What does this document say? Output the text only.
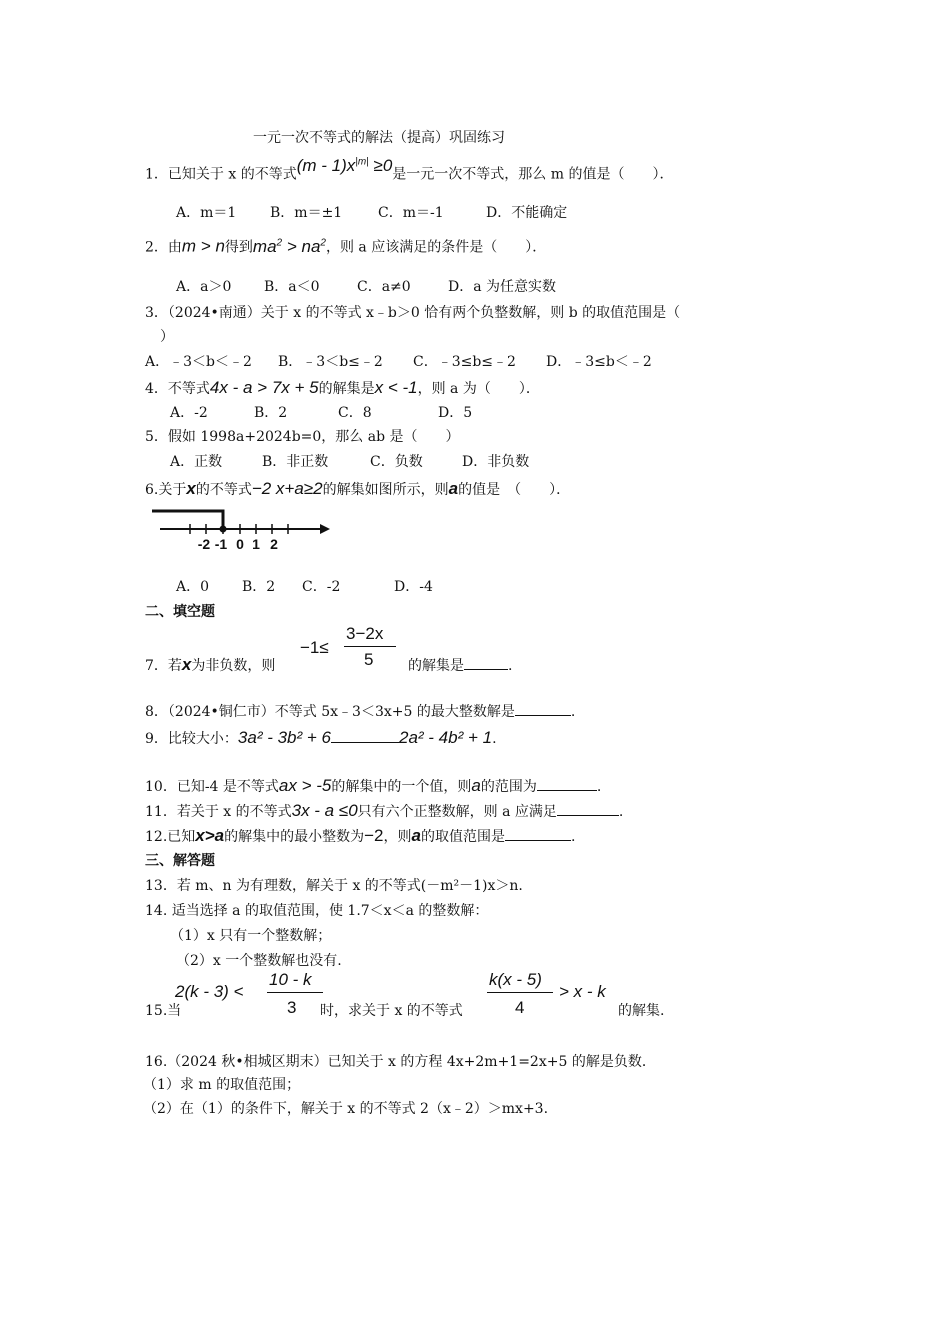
一元一次不等式的解法（提高）巩固练习
1．已知关于 x 的不等式$(m - 1)x^{|m|} \ge 0$是一元一次不等式，那么 m 的值是（　　）．
A．m＝1 B．m＝±1	C．m＝-1	D．不能确定
2．由m > n得到$ma^2 > na^2$，则 a 应该满足的条件是（　　）．
A．a＞0 B．a＜0	C．a≠0	D．a 为任意实数
3．（2024•南通）关于 x 的不等式 x﹣b＞0 恰有两个负整数解，则 b 的取值范围是（
）
A．﹣3＜b＜﹣2 B．﹣3＜b≤﹣2 C．﹣3≤b≤﹣2 D．﹣3≤b＜﹣2
4．不等式4x - a > 7x + 5的解集是x < -1，则 a 为（　　）．
A．-2	B．2	C．8	D．5
5．假如 1998a+2024b=0，那么 ab 是（　　）
A．正数	B．非正数	C．负数	D．非负数
6.关于x的不等式−2 x+a≥2的解集如图所示，则a的值是　（　　）．
-2 -1 0 1 2
A．0 B．2 C．-2	D．-4
二、填空题
7．若x为非负数，则
−1≤
3−2x
5 的解集是	.
8．（2024•铜仁市）不等式 5x﹣3＜3x+5 的最大整数解是	.
9．比较大小：3a² - 3b² + 6	2a² - 4b² + 1.
10．已知-4 是不等式ax > -5的解集中的一个值，则a的范围为	.
11．若关于 x 的不等式3x - a ≤0只有六个正整数解，则 a 应满足	.
12.已知x>a的解集中的最小整数为−2，则a的取值范围是	.
三、解答题
13．若 m、n 为有理数，解关于 x 的不等式(－m²－1)x＞n.
14. 适当选择 a 的取值范围，使 1.7＜x＜a 的整数解：
（1）x 只有一个整数解；
（2）x 一个整数解也没有.
15.当
2(k - 3) <
10 - k
3 时，求关于 x 的不等式
k(x - 5)
4
> x - k
的解集.
16.（2024 秋•相城区期末）已知关于 x 的方程 4x+2m+1=2x+5 的解是负数．
（1）求 m 的取值范围；
（2）在（1）的条件下，解关于 x 的不等式 2（x﹣2）＞mx+3.
